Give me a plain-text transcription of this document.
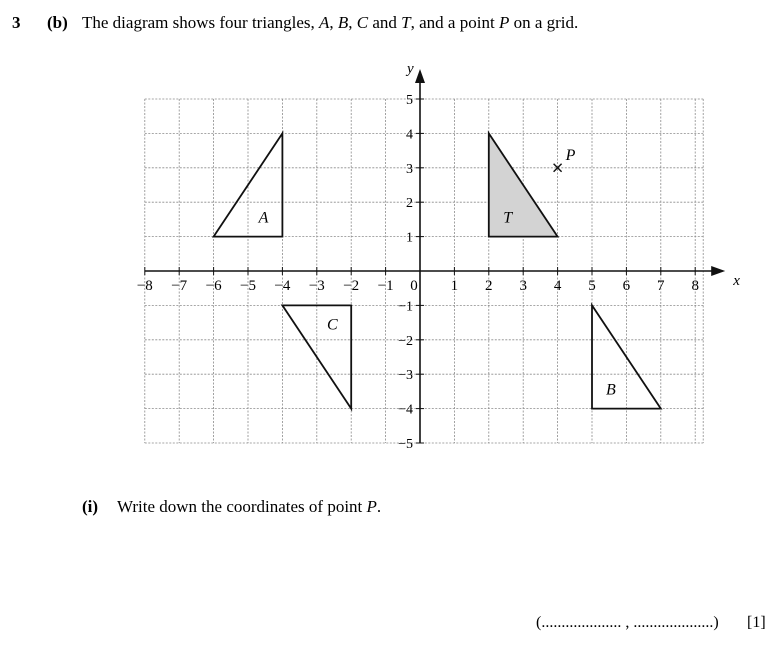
3 (b) The diagram shows four triangles, A, B, C and T, and a point P on a grid.
A
B
C
T
x
y
−8 −7 −6 −5 −4 −3 −2 −1 0 1 2 3 4 5 6 7 8
1
2
3
4
5
−1
−2
−3
−4
−5
P
(i) Write down the coordinates of point P.
(.................... , ....................) [1]
